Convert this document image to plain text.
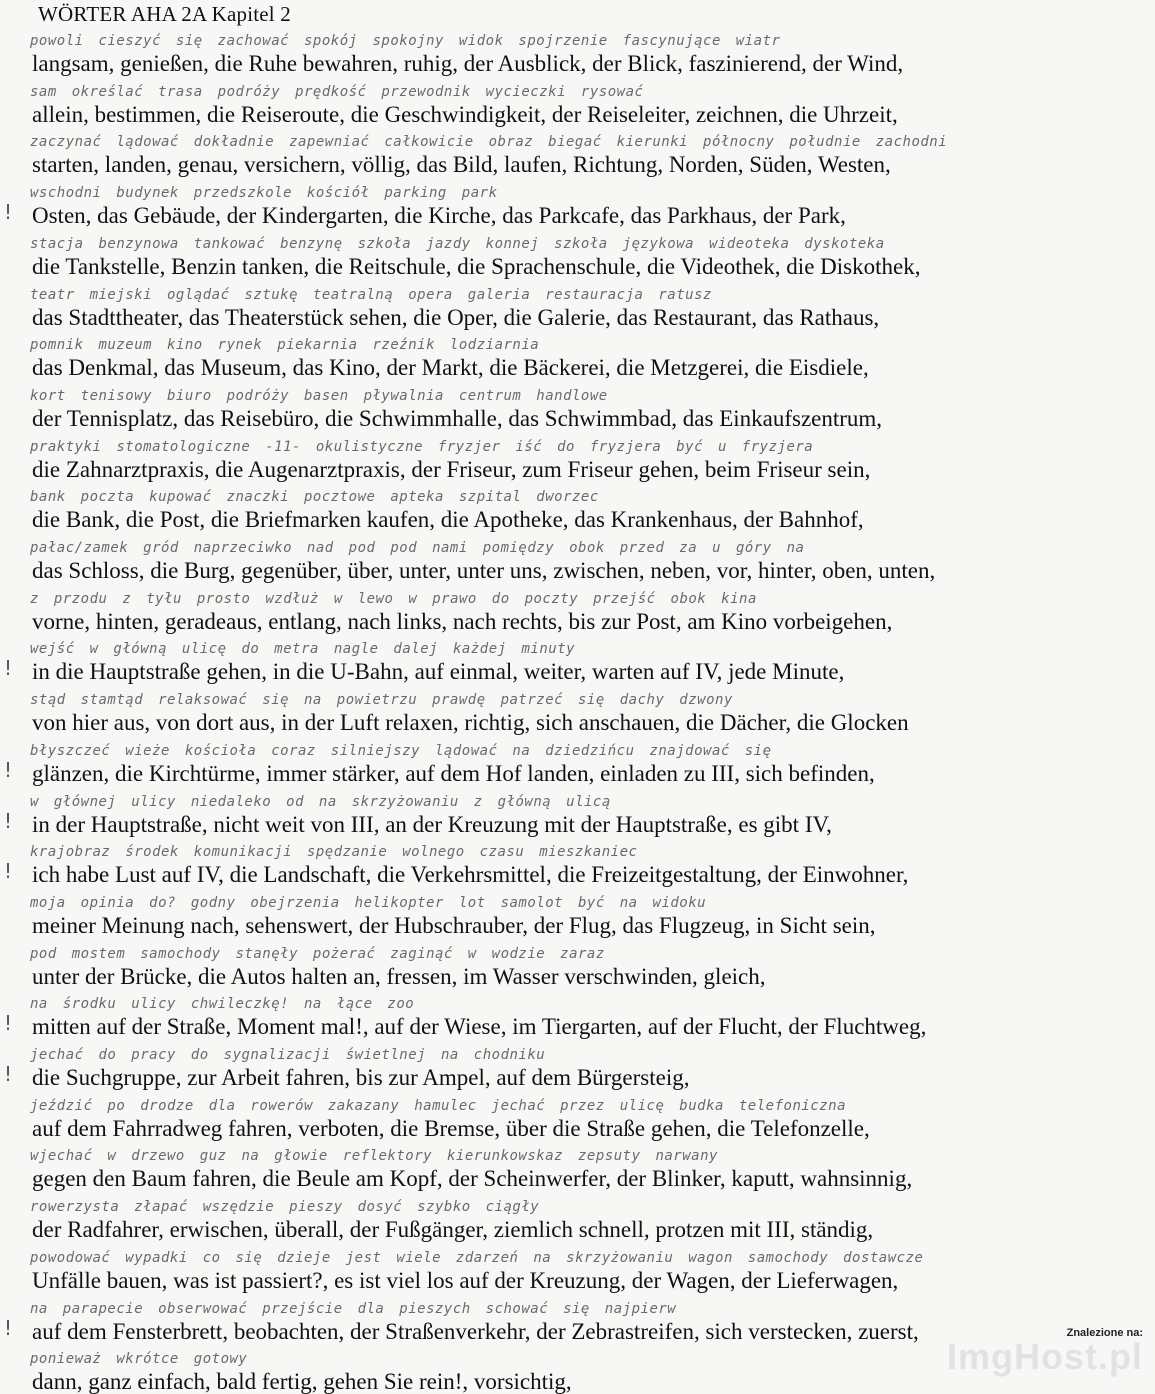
WÖRTER AHA 2A Kapitel 2
powoli cieszyć się zachować spokój spokojny widok spojrzenie fascynujące wiatr
langsam, genießen, die Ruhe bewahren, ruhig, der Ausblick, der Blick, faszinierend, der Wind,
sam określać trasa podróży prędkość przewodnik wycieczki rysować
allein, bestimmen, die Reiseroute, die Geschwindigkeit, der Reiseleiter, zeichnen, die Uhrzeit,
zaczynać lądować dokładnie zapewniać całkowicie obraz biegać kierunki północny południe zachodni
starten, landen, genau, versichern, völlig, das Bild, laufen, Richtung, Norden, Süden, Westen,
wschodni budynek przedszkole kościół parking park
Osten, das Gebäude, der Kindergarten, die Kirche, das Parkcafe, das Parkhaus, der Park,
!
stacja benzynowa tankować benzynę szkoła jazdy konnej szkoła językowa wideoteka dyskoteka
die Tankstelle, Benzin tanken, die Reitschule, die Sprachenschule, die Videothek, die Diskothek,
teatr miejski oglądać sztukę teatralną opera galeria restauracja ratusz
das Stadttheater, das Theaterstück sehen, die Oper, die Galerie, das Restaurant, das Rathaus,
pomnik muzeum kino rynek piekarnia rzeźnik lodziarnia
das Denkmal, das Museum, das Kino, der Markt, die Bäckerei, die Metzgerei, die Eisdiele,
kort tenisowy biuro podróży basen pływalnia centrum handlowe
der Tennisplatz, das Reisebüro, die Schwimmhalle, das Schwimmbad, das Einkaufszentrum,
praktyki stomatologiczne -11- okulistyczne fryzjer iść do fryzjera być u fryzjera
die Zahnarztpraxis, die Augenarztpraxis, der Friseur, zum Friseur gehen, beim Friseur sein,
bank poczta kupować znaczki pocztowe apteka szpital dworzec
die Bank, die Post, die Briefmarken kaufen, die Apotheke, das Krankenhaus, der Bahnhof,
pałac/zamek gród naprzeciwko nad pod pod nami pomiędzy obok przed za u góry na
das Schloss, die Burg, gegenüber, über, unter, unter uns, zwischen, neben, vor, hinter, oben, unten,
z przodu z tyłu prosto wzdłuż w lewo w prawo do poczty przejść obok kina
vorne, hinten, geradeaus, entlang, nach links, nach rechts, bis zur Post, am Kino vorbeigehen,
wejść w główną ulicę do metra nagle dalej każdej minuty
in die Hauptstraße gehen, in die U-Bahn, auf einmal, weiter, warten auf IV, jede Minute,
!
stąd stamtąd relaksować się na powietrzu prawdę patrzeć się dachy dzwony
von hier aus, von dort aus, in der Luft relaxen, richtig, sich anschauen, die Dächer, die Glocken
błyszczeć wieże kościoła coraz silniejszy lądować na dziedzińcu znajdować się
glänzen, die Kirchtürme, immer stärker, auf dem Hof landen, einladen zu III, sich befinden,
!
w głównej ulicy niedaleko od na skrzyżowaniu z główną ulicą
in der Hauptstraße, nicht weit von III, an der Kreuzung mit der Hauptstraße, es gibt IV,
!
krajobraz środek komunikacji spędzanie wolnego czasu mieszkaniec
ich habe Lust auf IV, die Landschaft, die Verkehrsmittel, die Freizeitgestaltung, der Einwohner,
!
moja opinia do? godny obejrzenia helikopter lot samolot być na widoku
meiner Meinung nach, sehenswert, der Hubschrauber, der Flug, das Flugzeug, in Sicht sein,
pod mostem samochody stanęły pożerać zaginąć w wodzie zaraz
unter der Brücke, die Autos halten an, fressen, im Wasser verschwinden, gleich,
na środku ulicy chwileczkę! na łące zoo
mitten auf der Straße, Moment mal!, auf der Wiese, im Tiergarten, auf der Flucht, der Fluchtweg,
!
jechać do pracy do sygnalizacji świetlnej na chodniku
die Suchgruppe, zur Arbeit fahren, bis zur Ampel, auf dem Bürgersteig,
!
jeździć po drodze dla rowerów zakazany hamulec jechać przez ulicę budka telefoniczna
auf dem Fahrradweg fahren, verboten, die Bremse, über die Straße gehen, die Telefonzelle,
wjechać w drzewo guz na głowie reflektory kierunkowskaz zepsuty narwany
gegen den Baum fahren, die Beule am Kopf, der Scheinwerfer, der Blinker, kaputt, wahnsinnig,
rowerzysta złapać wszędzie pieszy dosyć szybko ciągły
der Radfahrer, erwischen, überall, der Fußgänger, ziemlich schnell, protzen mit III, ständig,
powodować wypadki co się dzieje jest wiele zdarzeń na skrzyżowaniu wagon samochody dostawcze
Unfälle bauen, was ist passiert?, es ist viel los auf der Kreuzung, der Wagen, der Lieferwagen,
na parapecie obserwować przejście dla pieszych schować się najpierw
auf dem Fensterbrett, beobachten, der Straßenverkehr, der Zebrastreifen, sich verstecken, zuerst,
!
ponieważ wkrótce gotowy
dann, ganz einfach, bald fertig, gehen Sie rein!, vorsichtig,
Znalezione na:
ImgHost.pl
